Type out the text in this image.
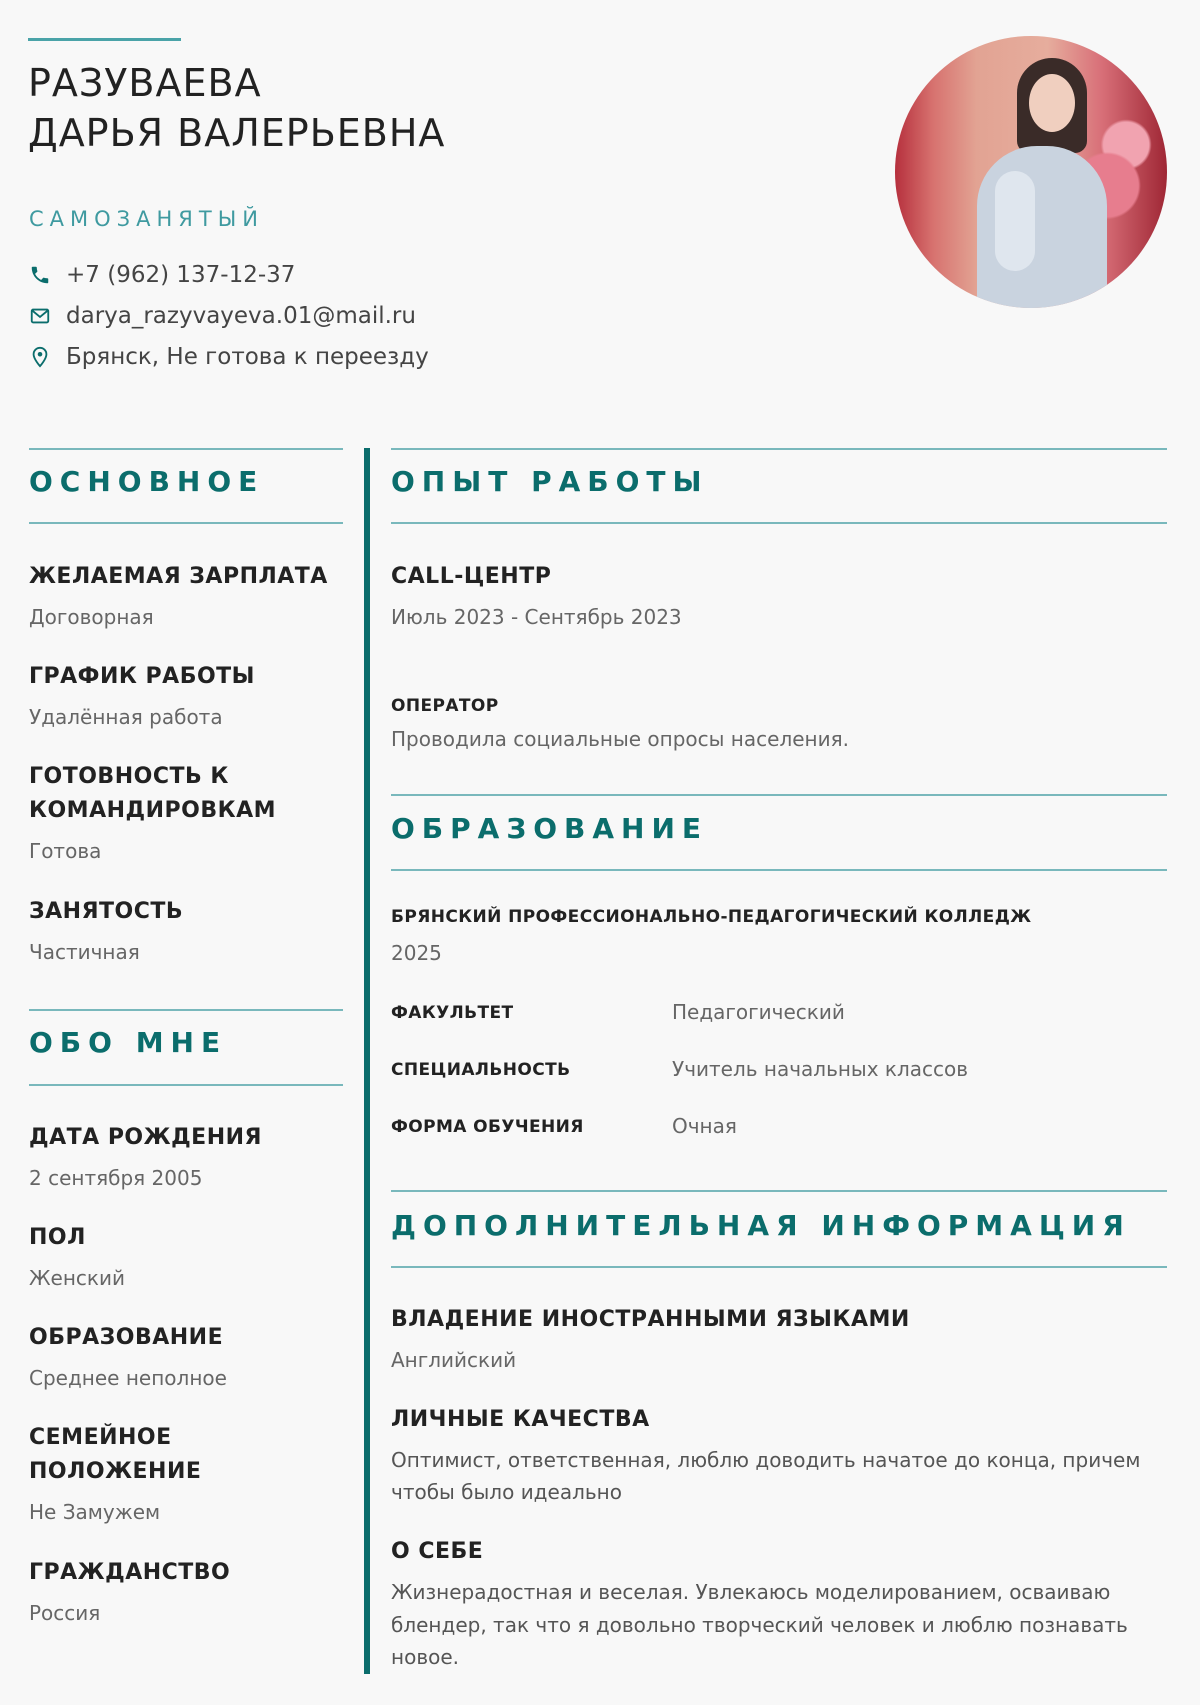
РАЗУВАЕВА
ДАРЬЯ ВАЛЕРЬЕВНА
САМОЗАНЯТЫЙ
+7 (962) 137-12-37
darya_razyvayeva.01@mail.ru
Брянск, Не готова к переезду
ОСНОВНОЕ
ЖЕЛАЕМАЯ ЗАРПЛАТА
Договорная
ГРАФИК РАБОТЫ
Удалённая работа
ГОТОВНОСТЬ К
КОМАНДИРОВКАМ
Готова
ЗАНЯТОСТЬ
Частичная
ОБО МНЕ
ДАТА РОЖДЕНИЯ
2 сентября 2005
ПОЛ
Женский
ОБРАЗОВАНИЕ
Среднее неполное
СЕМЕЙНОЕ
ПОЛОЖЕНИЕ
Не Замужем
ГРАЖДАНСТВО
Россия
ОПЫТ РАБОТЫ
CALL-ЦЕНТР
Июль 2023 - Сентябрь 2023
ОПЕРАТОР
Проводила социальные опросы населения.
ОБРАЗОВАНИЕ
БРЯНСКИЙ ПРОФЕССИОНАЛЬНО-ПЕДАГОГИЧЕСКИЙ КОЛЛЕДЖ
2025
ФАКУЛЬТЕТ	Педагогический
СПЕЦИАЛЬНОСТЬ	Учитель начальных классов
ФОРМА ОБУЧЕНИЯ	Очная
ДОПОЛНИТЕЛЬНАЯ ИНФОРМАЦИЯ
ВЛАДЕНИЕ ИНОСТРАННЫМИ ЯЗЫКАМИ
Английский
ЛИЧНЫЕ КАЧЕСТВА
Оптимист, ответственная, люблю доводить начатое до конца, причем
чтобы было идеально
О СЕБЕ
Жизнерадостная и веселая. Увлекаюсь моделированием, осваиваю
блендер, так что я довольно творческий человек и люблю познавать
новое.
